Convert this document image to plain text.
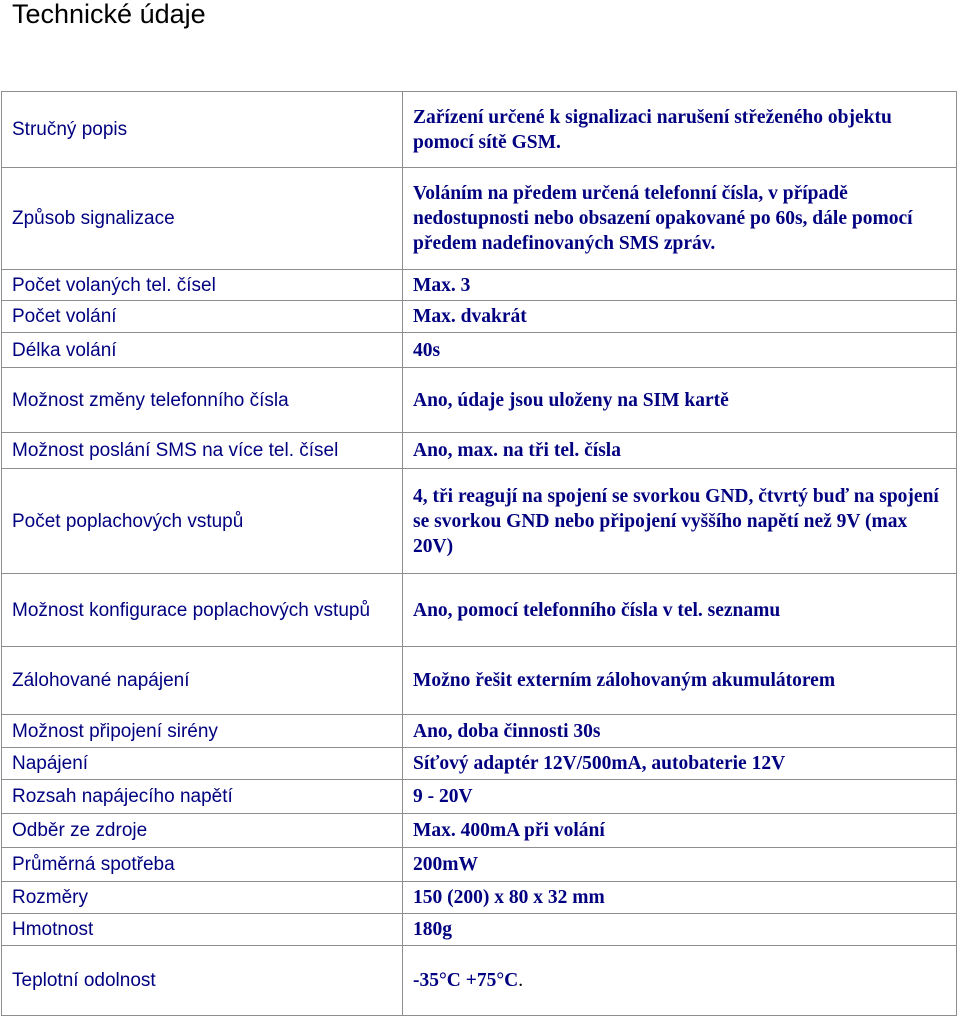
Technické údaje
Stručný popis	Zařízení určené k signalizaci narušení střeženého objektu pomocí sítě GSM.
Způsob signalizace	Voláním na předem určená telefonní čísla, v případě nedostupnosti nebo obsazení opakované po 60s, dále pomocí předem nadefinovaných SMS zpráv.
Počet volaných tel. čísel	Max. 3
Počet volání	Max. dvakrát
Délka volání	40s
Možnost změny telefonního čísla	Ano, údaje jsou uloženy na SIM kartě
Možnost poslání SMS na více tel. čísel	Ano, max. na tři tel. čísla
Počet poplachových vstupů	4, tři reagují na spojení se svorkou GND, čtvrtý buď na spojení se svorkou GND nebo připojení vyššího napětí než 9V (max 20V)
Možnost konfigurace poplachových vstupů	Ano, pomocí telefonního čísla v tel. seznamu
Zálohované napájení	Možno řešit externím zálohovaným akumulátorem
Možnost připojení sirény	Ano, doba činnosti 30s
Napájení	Síťový adaptér 12V/500mA, autobaterie 12V
Rozsah napájecího napětí	9 - 20V
Odběr ze zdroje	Max. 400mA při volání
Průměrná spotřeba	200mW
Rozměry	150 (200) x 80 x 32 mm
Hmotnost	180g
Teplotní odolnost	-35°C +75°C.
